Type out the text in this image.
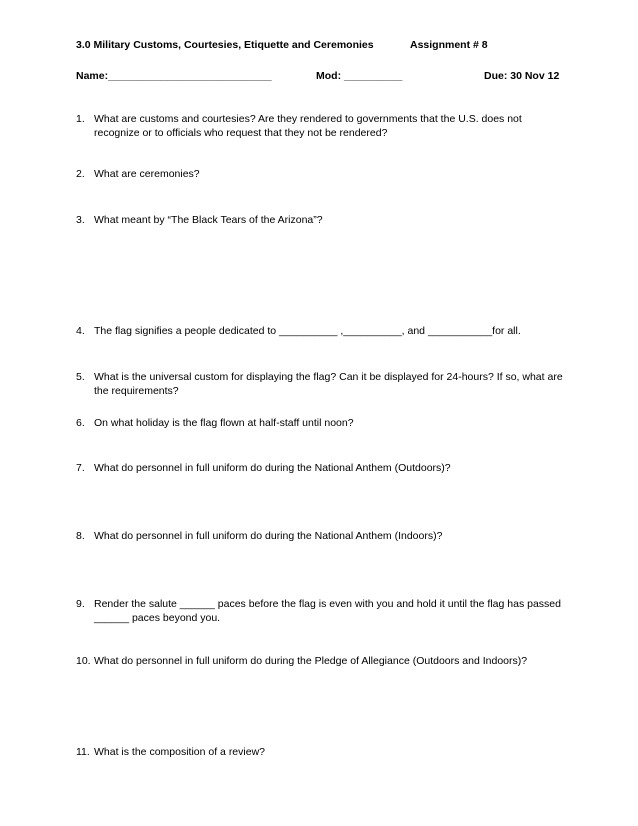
3.0 Military Customs, Courtesies, Etiquette and Ceremonies	Assignment # 8
Name:____________________________	Mod: __________	Due: 30 Nov 12
1. What are customs and courtesies? Are they rendered to governments that the U.S. does not recognize or to officials who request that they not be rendered?
2. What are ceremonies?
3. What meant by “The Black Tears of the Arizona”?
4. The flag signifies a people dedicated to __________ ,__________, and ___________for all.
5. What is the universal custom for displaying the flag? Can it be displayed for 24-hours? If so, what are the requirements?
6. On what holiday is the flag flown at half-staff until noon?
7. What do personnel in full uniform do during the National Anthem (Outdoors)?
8. What do personnel in full uniform do during the National Anthem (Indoors)?
9. Render the salute ______ paces before the flag is even with you and hold it until the flag has passed ______ paces beyond you.
10. What do personnel in full uniform do during the Pledge of Allegiance (Outdoors and Indoors)?
11. What is the composition of a review?
